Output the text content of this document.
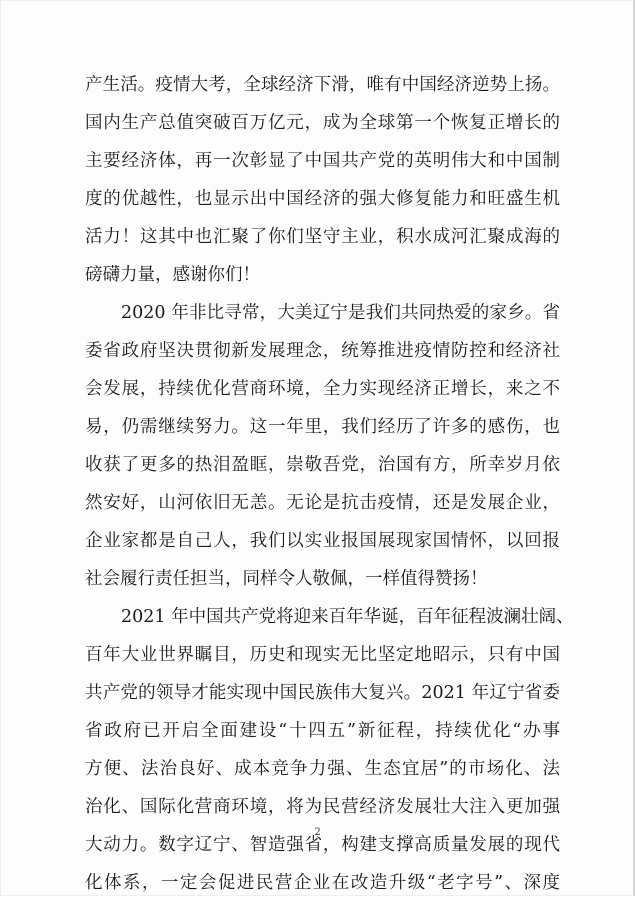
产生活。疫情大考，全球经济下滑，唯有中国经济逆势上扬。
国内生产总值突破百万亿元，成为全球第一个恢复正增长的
主要经济体，再一次彰显了中国共产党的英明伟大和中国制
度的优越性，也显示出中国经济的强大修复能力和旺盛生机
活力！这其中也汇聚了你们坚守主业，积水成河汇聚成海的
磅礴力量，感谢你们！
2020 年非比寻常，大美辽宁是我们共同热爱的家乡。省
委省政府坚决贯彻新发展理念，统筹推进疫情防控和经济社
会发展，持续优化营商环境，全力实现经济正增长，来之不
易，仍需继续努力。这一年里，我们经历了许多的感伤，也
收获了更多的热泪盈眶，崇敬吾党，治国有方，所幸岁月依
然安好，山河依旧无恙。无论是抗击疫情，还是发展企业，
企业家都是自己人，我们以实业报国展现家国情怀，以回报
社会履行责任担当，同样令人敬佩，一样值得赞扬！
2021 年中国共产党将迎来百年华诞，百年征程波澜壮阔、
百年大业世界瞩目，历史和现实无比坚定地昭示，只有中国
共产党的领导才能实现中国民族伟大复兴。2021 年辽宁省委
省政府已开启全面建设“十四五”新征程，持续优化“办事
方便、法治良好、成本竞争力强、生态宜居”的市场化、法
治化、国际化营商环境，将为民营经济发展壮大注入更加强
大动力。数字辽宁、智造强省，构建支撑高质量发展的现代
化体系，一定会促进民营企业在改造升级“老字号”、深度
2
